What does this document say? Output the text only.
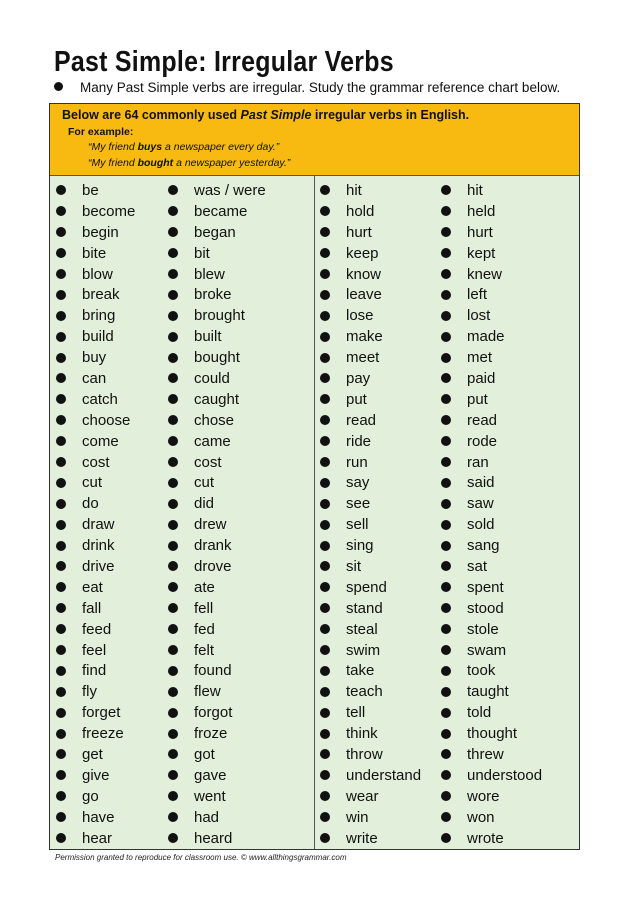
Past Simple: Irregular Verbs
Many Past Simple verbs are irregular. Study the grammar reference chart below.
Below are 64 commonly used Past Simple irregular verbs in English.
For example:
“My friend buys a newspaper every day.”
“My friend bought a newspaper yesterday.”
be
become
begin
bite
blow
break
bring
build
buy
can
catch
choose
come
cost
cut
do
draw
drink
drive
eat
fall
feed
feel
find
fly
forget
freeze
get
give
go
have
hear
was / were
became
began
bit
blew
broke
brought
built
bought
could
caught
chose
came
cost
cut
did
drew
drank
drove
ate
fell
fed
felt
found
flew
forgot
froze
got
gave
went
had
heard
hit
hold
hurt
keep
know
leave
lose
make
meet
pay
put
read
ride
run
say
see
sell
sing
sit
spend
stand
steal
swim
take
teach
tell
think
throw
understand
wear
win
write
hit
held
hurt
kept
knew
left
lost
made
met
paid
put
read
rode
ran
said
saw
sold
sang
sat
spent
stood
stole
swam
took
taught
told
thought
threw
understood
wore
won
wrote
Permission granted to reproduce for classroom use. © www.allthingsgrammar.com
